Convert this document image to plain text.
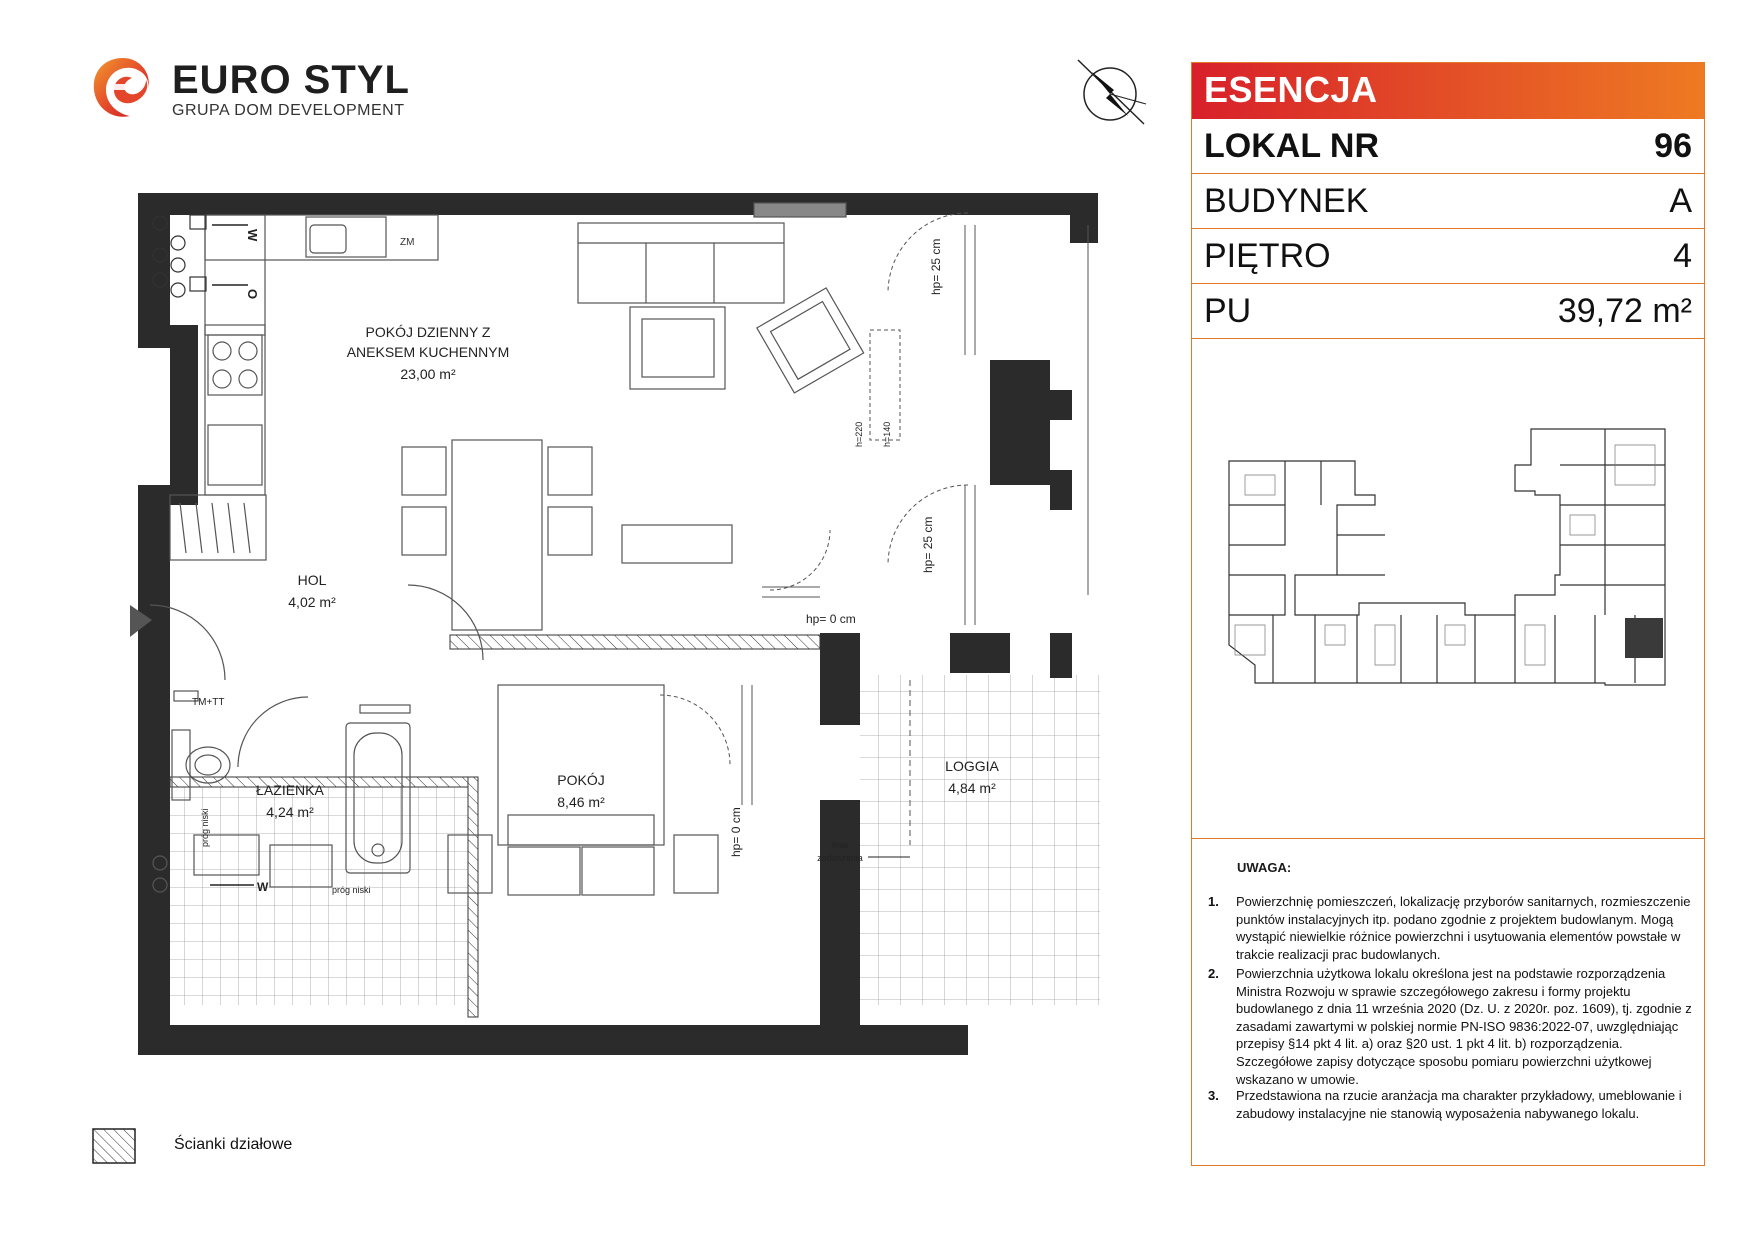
EURO STYL
GRUPA DOM DEVELOPMENT
ZM
W
O
W
POKÓJ DZIENNY Z
ANEKSEM KUCHENNYM
23,00 m²
HOL
4,02 m²
ŁAZIENKA
4,24 m²
POKÓJ
8,46 m²
LOGGIA
4,84 m²
TM+TT
hp= 25 cm
hp= 25 cm
hp= 0 cm
hp= 0 cm
h=220 h=140
próg niski
próg niski
linia
zadaszenia
ESENCJA
LOKAL NR	96
BUDYNEK	A
PIĘTRO	4
PU	39,72 m²
UWAGA:
1.	Powierzchnię pomieszczeń, lokalizację przyborów sanitarnych, rozmieszczenie punktów instalacyjnych itp. podano zgodnie z projektem budowlanym. Mogą wystąpić niewielkie różnice powierzchni i usytuowania elementów powstałe w trakcie realizacji prac budowlanych.
2.	Powierzchnia użytkowa lokalu określona jest na podstawie rozporządzenia Ministra Rozwoju w sprawie szczegółowego zakresu i formy projektu budowlanego z dnia 11 września 2020 (Dz. U. z 2020r. poz. 1609), tj. zgodnie z zasadami zawartymi w polskiej normie PN-ISO 9836:2022-07, uwzględniając przepisy §14 pkt 4 lit. a) oraz §20 ust. 1 pkt 4 lit. b) rozporządzenia. Szczegółowe zapisy dotyczące sposobu pomiaru powierzchni użytkowej wskazano w umowie.
3.	Przedstawiona na rzucie aranżacja ma charakter przykładowy, umeblowanie i zabudowy instalacyjne nie stanowią wyposażenia nabywanego lokalu.
Ścianki działowe
